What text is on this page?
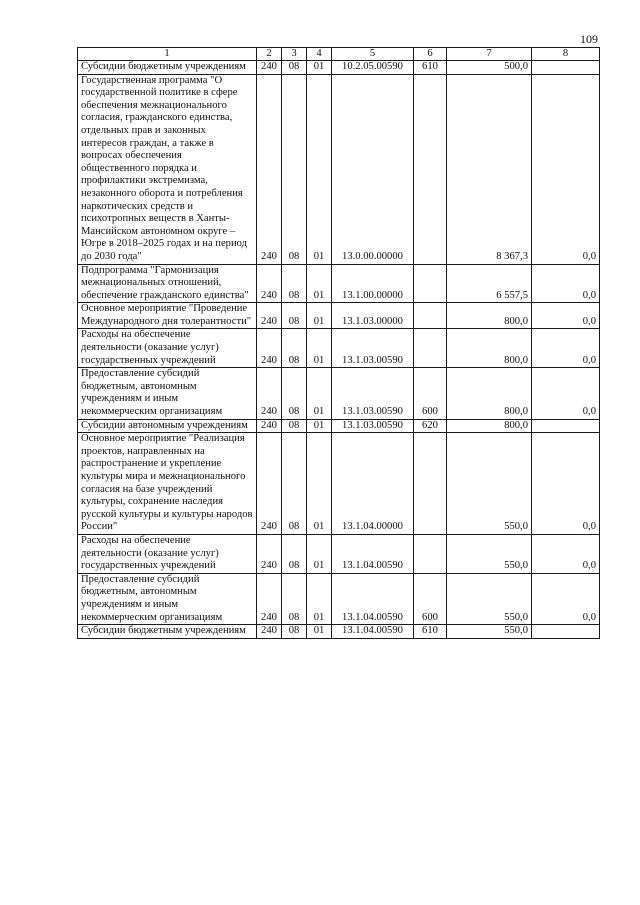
109
1	2	3	4	5	6	7	8
Субсидии бюджетным учреждениям	240	08	01	10.2.05.00590	610	500,0	
Государственная программа "О государственной политике в сфере обеспечения межнационального согласия, гражданского единства, отдельных прав и законных интересов граждан, а также в вопросах обеспечения общественного порядка и профилактики экстремизма, незаконного оборота и потребления наркотических средств и психотропных веществ в Ханты-Мансийском автономном округе – Югре в 2018–2025 годах и на период до 2030 года"	240	08	01	13.0.00.00000		8 367,3	0,0
Подпрограмма "Гармонизация межнациональных отношений, обеспечение гражданского единства"	240	08	01	13.1.00.00000		6 557,5	0,0
Основное мероприятие "Проведение Международного дня толерантности"	240	08	01	13.1.03.00000		800,0	0,0
Расходы на обеспечение деятельности (оказание услуг) государственных учреждений	240	08	01	13.1.03.00590		800,0	0,0
Предоставление субсидий бюджетным, автономным учреждениям и иным некоммерческим организациям	240	08	01	13.1.03.00590	600	800,0	0,0
Субсидии автономным учреждениям	240	08	01	13.1.03.00590	620	800,0	
Основное мероприятие "Реализация проектов, направленных на распространение и укрепление культуры мира и межнационального согласия на базе учреждений культуры, сохранение наследия русской культуры и культуры народов России"	240	08	01	13.1.04.00000		550,0	0,0
Расходы на обеспечение деятельности (оказание услуг) государственных учреждений	240	08	01	13.1.04.00590		550,0	0,0
Предоставление субсидий бюджетным, автономным учреждениям и иным некоммерческим организациям	240	08	01	13.1.04.00590	600	550,0	0,0
Субсидии бюджетным учреждениям	240	08	01	13.1.04.00590	610	550,0	
